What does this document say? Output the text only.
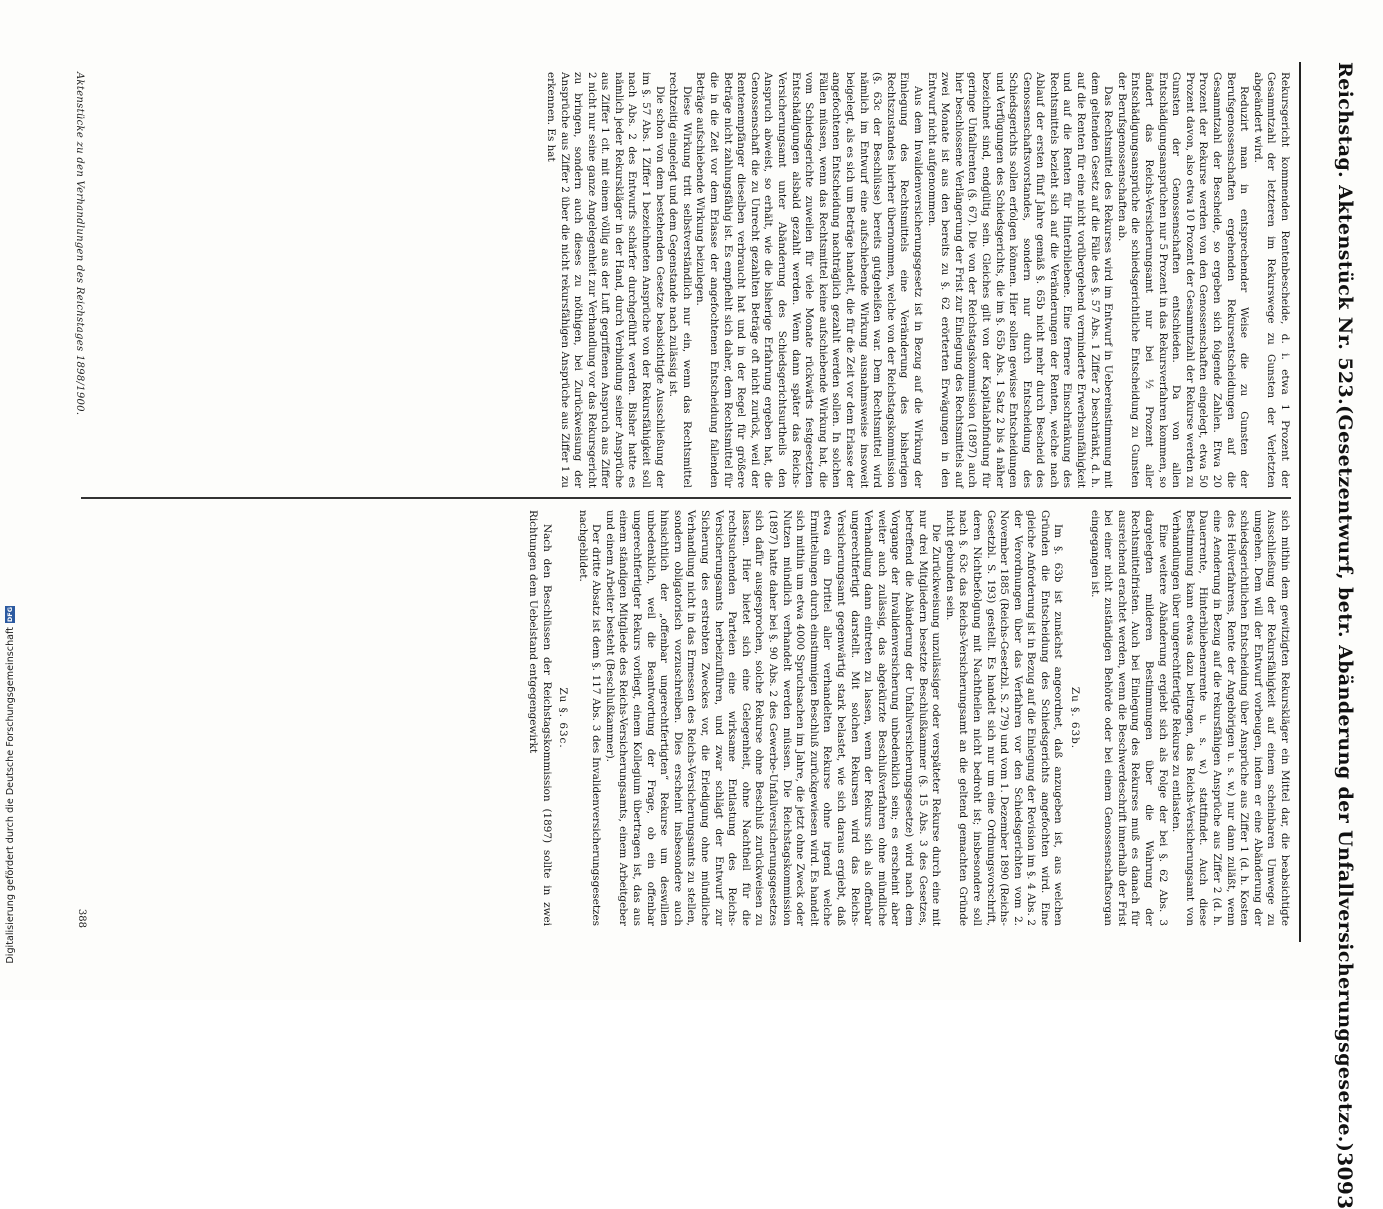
Reichstag. Aktenstück Nr. 523.
(Gesetzentwurf, betr. Abänderung der Unfallversicherungsgesetze.)
3093

Rekursgericht kommenden Rentenbescheide, d. i. etwa 1 Prozent der Gesammtzahl der letzteren im Rekurswege zu Gunsten der Verletzten abgeändert wird.

Reduzirt man in entsprechender Weise die zu Gunsten der Berufsgenossenschaften ergehenden Rekursentscheidungen auf die Gesammtzahl der Bescheide, so ergeben sich folgende Zahlen. Etwa 20 Prozent der Rekurse werden von den Genossenschaften eingelegt, etwa 50 Prozent davon, also etwa 10 Prozent der Gesammtzahl der Rekurse werden zu Gunsten der Genossenschaften entschieden. Da von allen Entschädigungsansprüchen nur 5 Prozent in das Rekursverfahren kommen, so ändert das Reichs-Versicherungsamt nur bei ½ Prozent aller Entschädigungsansprüche die schiedsgerichtliche Entscheidung zu Gunsten der Berufsgenossenschaften ab.

Das Rechtsmittel des Rekurses wird im Entwurf in Uebereinstimmung mit dem geltenden Gesetz auf die Fälle des §. 57 Abs. 1 Ziffer 2 beschränkt, d. h. auf die Renten für eine nicht vorübergehend verminderte Erwerbsunfähigkeit und auf die Renten für Hinterbliebene. Eine fernere Einschränkung des Rechtsmittels bezieht sich auf die Veränderungen der Renten, welche nach Ablauf der ersten fünf Jahre gemäß §. 65b nicht mehr durch Bescheid des Genossenschaftsvorstandes, sondern nur durch Entscheidung des Schiedsgerichts sollen erfolgen können. Hier sollen gewisse Entscheidungen und Verfügungen des Schiedsgerichts, die im §. 65b Abs. 1 Satz 2 bis 4 näher bezeichnet sind, endgültig sein. Gleiches gilt von der Kapitalabfindung für geringe Unfallrenten (§. 67). Die von der Reichstagskommission (1897) auch hier beschlossene Verlängerung der Frist zur Einlegung des Rechtsmittels auf zwei Monate ist aus den bereits zu §. 62 erörterten Erwägungen in den Entwurf nicht aufgenommen.

Aus dem Invalidenversicherungsgesetz ist in Bezug auf die Wirkung der Einlegung des Rechtsmittels eine Veränderung des bisherigen Rechtszustandes hierher übernommen, welche von der Reichstagskommission (§. 63c der Beschlüsse) bereits gutgeheißen war. Dem Rechtsmittel wird nämlich im Entwurf eine aufschiebende Wirkung ausnahmsweise insoweit beigelegt, als es sich um Beträge handelt, die für die Zeit vor dem Erlasse der angefochtenen Entscheidung nachträglich gezahlt werden sollen. In solchen Fällen müssen, wenn das Rechtsmittel keine aufschiebende Wirkung hat, die vom Schiedsgerichte zuweilen für viele Monate rückwärts festgesetzten Entschädigungen alsbald gezahlt werden. Wenn dann später das Reichs-Versicherungsamt unter Abänderung des Schiedsgerichtsurtheils den Anspruch abweist, so erhält, wie die bisherige Erfahrung ergeben hat, die Genossenschaft die zu Unrecht gezahlten Beträge oft nicht zurück, weil der Rentenempfänger dieselben verbraucht hat und in der Regel für größere Beträge nicht zahlungsfähig ist. Es empfiehlt sich daher, dem Rechtsmittel für die in die Zeit vor dem Erlasse der angefochtenen Entscheidung fallenden Beträge aufschiebende Wirkung beizulegen.

Diese Wirkung tritt selbstverständlich nur ein, wenn das Rechtsmittel rechtzeitig eingelegt und dem Gegenstande nach zulässig ist.

Die schon von dem bestehenden Gesetze beabsichtigte Ausschließung der im §. 57 Abs. 1 Ziffer 1 bezeichneten Ansprüche von der Rekursfähigkeit soll nach Abs. 2 des Entwurfs schärfer durchgeführt werden. Bisher hatte es nämlich jeder Rekurskläger in der Hand, durch Verbindung seiner Ansprüche aus Ziffer 1 cit. mit einem völlig aus der Luft gegriffenen Anspruch aus Ziffer 2 nicht nur seine ganze Angelegenheit zur Verhandlung vor das Rekursgericht zu bringen, sondern auch dieses zu nöthigen, bei Zurückweisung der Ansprüche aus Ziffer 2 über die nicht rekursfähigen Ansprüche aus Ziffer 1 zu erkennen. Es hat

sich mithin dem gewitzigten Rekurskläger ein Mittel dar, die beabsichtigte Ausschließung der Rekursfähigkeit auf einem scheinbaren Umwege zu umgehen. Dem will der Entwurf vorbeugen, indem er eine Abänderung der schiedsgerichtlichen Entscheidung über Ansprüche aus Ziffer 1 (d. h. Kosten des Heilverfahrens, Rente der Angehörigen u. s. w.) nur dann zuläßt, wenn eine Aenderung in Bezug auf die rekursfähigen Ansprüche aus Ziffer 2 (d. h. Dauerrente, Hinterbliebenenrente u. s. w.) stattfindet. Auch diese Bestimmung kann etwas dazu beitragen, das Reichs-Versicherungsamt von Verhandlungen über ungerechtfertigte Rekurse zu entlasten.

Eine weitere Abänderung ergiebt sich als Folge der bei §. 62 Abs. 3 dargelegten milderen Bestimmungen über die Wahrung der Rechtsmittelfristen. Auch bei Einlegung des Rekurses muß es danach für ausreichend erachtet werden, wenn die Beschwerdeschrift innerhalb der Frist bei einer nicht zuständigen Behörde oder bei einem Genossenschaftsorgan eingegangen ist.

Zu §. 63b.

Im §. 63b ist zunächst angeordnet, daß anzugeben ist, aus welchen Gründen die Entscheidung des Schiedsgerichts angefochten wird. Eine gleiche Anforderung ist in Bezug auf die Einlegung der Revision im §. 4 Abs. 2 der Verordnungen über das Verfahren vor den Schiedsgerichten vom 2. November 1885 (Reichs-Gesetzbl. S. 279) und vom 1. Dezember 1890 (Reichs-Gesetzbl. S. 193) gestellt. Es handelt sich nur um eine Ordnungsvorschrift, deren Nichtbefolgung mit Nachtheilen nicht bedroht ist; insbesondere soll nach §. 63c das Reichs-Versicherungsamt an die geltend gemachten Gründe nicht gebunden sein.

Die Zurückweisung unzulässiger oder verspäteter Rekurse durch eine mit nur drei Mitgliedern besetzte Beschlußkammer (§. 15 Abs. 3 des Gesetzes, betreffend die Abänderung der Unfallversicherungsgesetze) wird nach dem Vorgange der Invalidenversicherung unbedenklich sein; es erscheint aber weiter auch zulässig, das abgekürzte Beschlußverfahren ohne mündliche Verhandlung dann eintreten zu lassen, wenn der Rekurs sich als offenbar ungerechtfertigt darstellt. Mit solchen Rekursen wird das Reichs-Versicherungsamt gegenwärtig stark belastet, wie sich daraus ergiebt, daß etwa ein Drittel aller verhandelten Rekurse ohne irgend welche Ermittelungen durch einstimmigen Beschluß zurückgewiesen wird. Es handelt sich mithin um etwa 4000 Spruchsachen im Jahre, die jetzt ohne Zweck oder Nutzen mündlich verhandelt werden müssen. Die Reichstagskommission (1897) hatte daher bei §. 90 Abs. 2 des Gewerbe-Unfallversicherungsgesetzes sich dafür ausgesprochen, solche Rekurse ohne Beschluß zurückweisen zu lassen. Hier bietet sich eine Gelegenheit, ohne Nachtheil für die rechtsuchenden Parteien eine wirksame Entlastung des Reichs-Versicherungsamts herbeizuführen, und zwar schlägt der Entwurf zur Sicherung des erstrebten Zweckes vor, die Erledigung ohne mündliche Verhandlung nicht in das Ermessen des Reichs-Versicherungsamts zu stellen, sondern obligatorisch vorzuschreiben. Dies erscheint insbesondere auch hinsichtlich der „offenbar ungerechtfertigten“ Rekurse um deswillen unbedenklich, weil die Beantwortung der Frage, ob ein offenbar ungerechtfertigter Rekurs vorliegt, einem Kollegium übertragen ist, das aus einem ständigen Mitgliede des Reichs-Versicherungsamts, einem Arbeitgeber und einem Arbeiter besteht (Beschlußkammer).

Der dritte Absatz ist dem §. 117 Abs. 3 des Invalidenversicherungsgesetzes nachgebildet.

Zu §. 63c.

Nach den Beschlüssen der Reichstagskommission (1897) sollte in zwei Richtungen dem Uebelstand entgegengewirkt

Aktenstücke zu den Verhandlungen des Reichstages 1898/1900.
388
Digitalisierung gefördert durch die Deutsche Forschungsgemeinschaft
DFG
